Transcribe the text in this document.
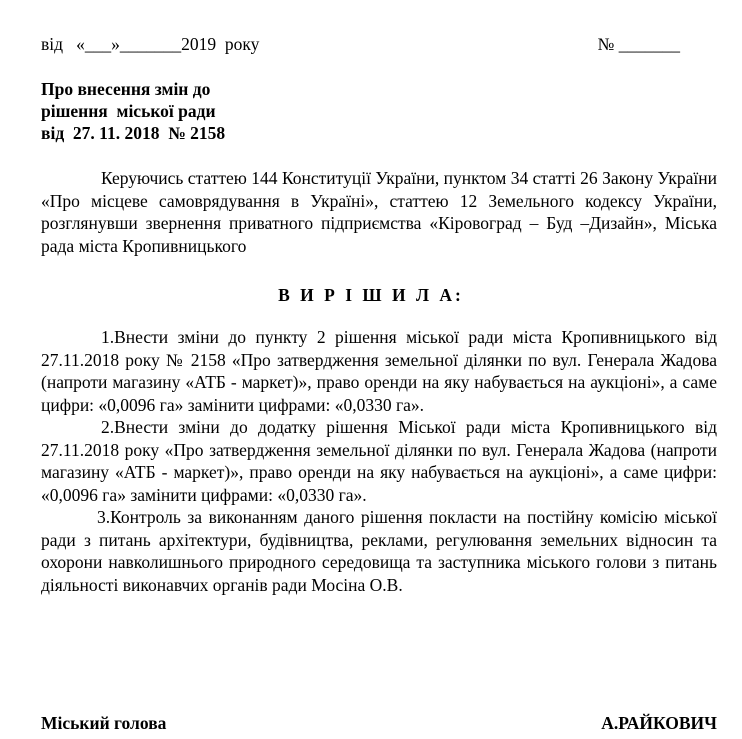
від   «___»_______2019  року	№ _______
Про внесення змін до
рішення  міської ради
від  27. 11. 2018  № 2158

Керуючись статтею 144 Конституції України, пунктом 34 статті 26 Закону України «Про місцеве самоврядування в Україні», статтею 12 Земельного кодексу України, розглянувши звернення приватного підприємства «Кіровоград – Буд –Дизайн», Міська рада міста Кропивницького

В И Р І Ш И Л А:

1.Внести зміни до пункту 2 рішення міської ради міста Кропивницького від 27.11.2018 року № 2158 «Про затвердження земельної ділянки по вул. Генерала Жадова (напроти магазину «АТБ - маркет)», право оренди на яку набувається на аукціоні», а саме цифри: «0,0096 га» замінити цифрами: «0,0330 га».

2.Внести зміни до додатку рішення Міської ради міста Кропивницького від 27.11.2018 року «Про затвердження земельної ділянки по вул. Генерала Жадова (напроти магазину «АТБ - маркет)», право оренди на яку набувається на аукціоні», а саме цифри: «0,0096 га» замінити цифрами: «0,0330 га».

3.Контроль за виконанням даного рішення покласти на постійну комісію міської ради з питань архітектури, будівництва, реклами, регулювання земельних відносин та охорони навколишнього природного середовища та заступника міського голови з питань діяльності виконавчих органів ради Мосіна О.В.

Міський голова	А.РАЙКОВИЧ
